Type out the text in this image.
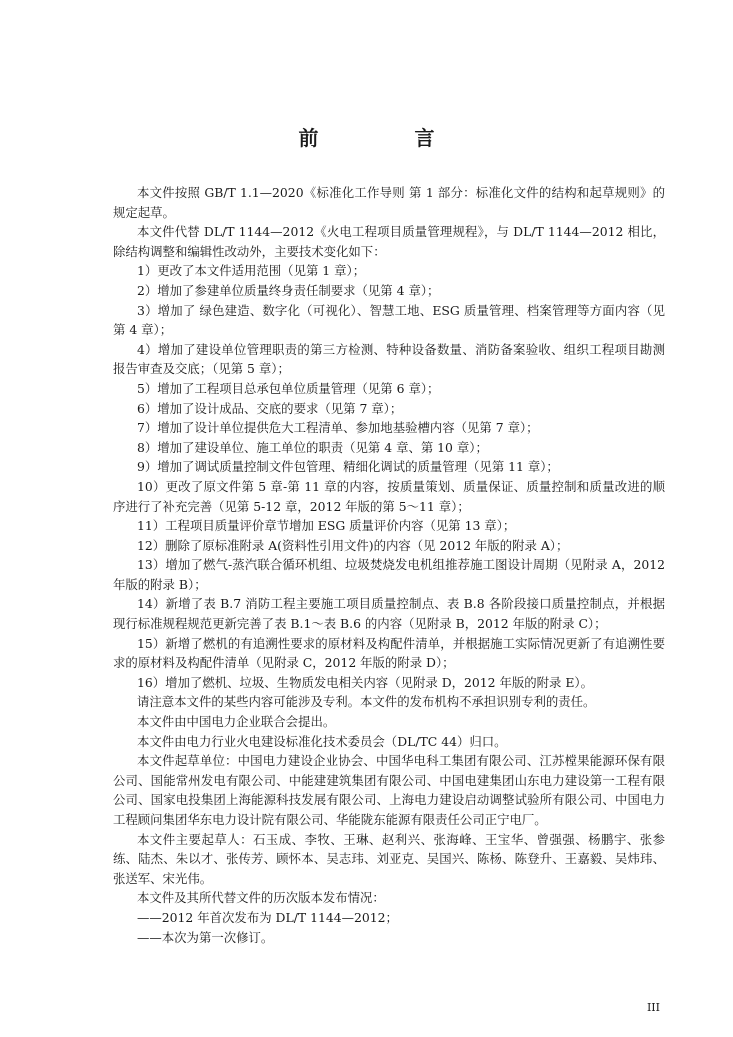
前　言

本文件按照 GB/T 1.1—2020《标准化工作导则 第 1 部分：标准化文件的结构和起草规则》的规定起草。

本文件代替 DL/T 1144—2012《火电工程项目质量管理规程》，与 DL/T 1144—2012 相比，除结构调整和编辑性改动外，主要技术变化如下：

1）更改了本文件适用范围（见第 1 章）；

2）增加了参建单位质量终身责任制要求（见第 4 章）；

3）增加了 绿色建造、数字化（可视化）、智慧工地、ESG 质量管理、档案管理等方面内容（见第 4 章）；

4）增加了建设单位管理职责的第三方检测、特种设备数量、消防备案验收、组织工程项目勘测报告审查及交底；（见第 5 章）；

5）增加了工程项目总承包单位质量管理（见第 6 章）；

6）增加了设计成品、交底的要求（见第 7 章）；

7）增加了设计单位提供危大工程清单、参加地基验槽内容（见第 7 章）；

8）增加了建设单位、施工单位的职责（见第 4 章、第 10 章）；

9）增加了调试质量控制文件包管理、精细化调试的质量管理（见第 11 章）；

10）更改了原文件第 5 章-第 11 章的内容，按质量策划、质量保证、质量控制和质量改进的顺序进行了补充完善（见第 5-12 章，2012 年版的第 5～11 章）；

11）工程项目质量评价章节增加 ESG 质量评价内容（见第 13 章）；

12）删除了原标准附录 A(资料性引用文件)的内容（见 2012 年版的附录 A）；

13）增加了燃气-蒸汽联合循环机组、垃圾焚烧发电机组推荐施工图设计周期（见附录 A，2012 年版的附录 B）；

14）新增了表 B.7 消防工程主要施工项目质量控制点、表 B.8 各阶段接口质量控制点，并根据现行标准规程规范更新完善了表 B.1～表 B.6 的内容（见附录 B，2012 年版的附录 C）；

15）新增了燃机的有追溯性要求的原材料及构配件清单，并根据施工实际情况更新了有追溯性要求的原材料及构配件清单（见附录 C，2012 年版的附录 D）；

16）增加了燃机、垃圾、生物质发电相关内容（见附录 D，2012 年版的附录 E）。

请注意本文件的某些内容可能涉及专利。本文件的发布机构不承担识别专利的责任。

本文件由中国电力企业联合会提出。

本文件由电力行业火电建设标准化技术委员会（DL/TC 44）归口。

本文件起草单位：中国电力建设企业协会、中国华电科工集团有限公司、江苏樘果能源环保有限公司、国能常州发电有限公司、中能建建筑集团有限公司、中国电建集团山东电力建设第一工程有限公司、国家电投集团上海能源科技发展有限公司、上海电力建设启动调整试验所有限公司、中国电力工程顾问集团华东电力设计院有限公司、华能陇东能源有限责任公司正宁电厂。

本文件主要起草人：石玉成、李牧、王琳、赵利兴、张海峰、王宝华、曾强强、杨鹏宇、张参练、陆杰、朱以才、张传芳、顾怀本、吴志玮、刘亚克、吴国兴、陈杨、陈登升、王嘉毅、吴炜玮、张送军、宋光伟。

本文件及其所代替文件的历次版本发布情况：

——2012 年首次发布为 DL/T 1144—2012；

——本次为第一次修订。

III
